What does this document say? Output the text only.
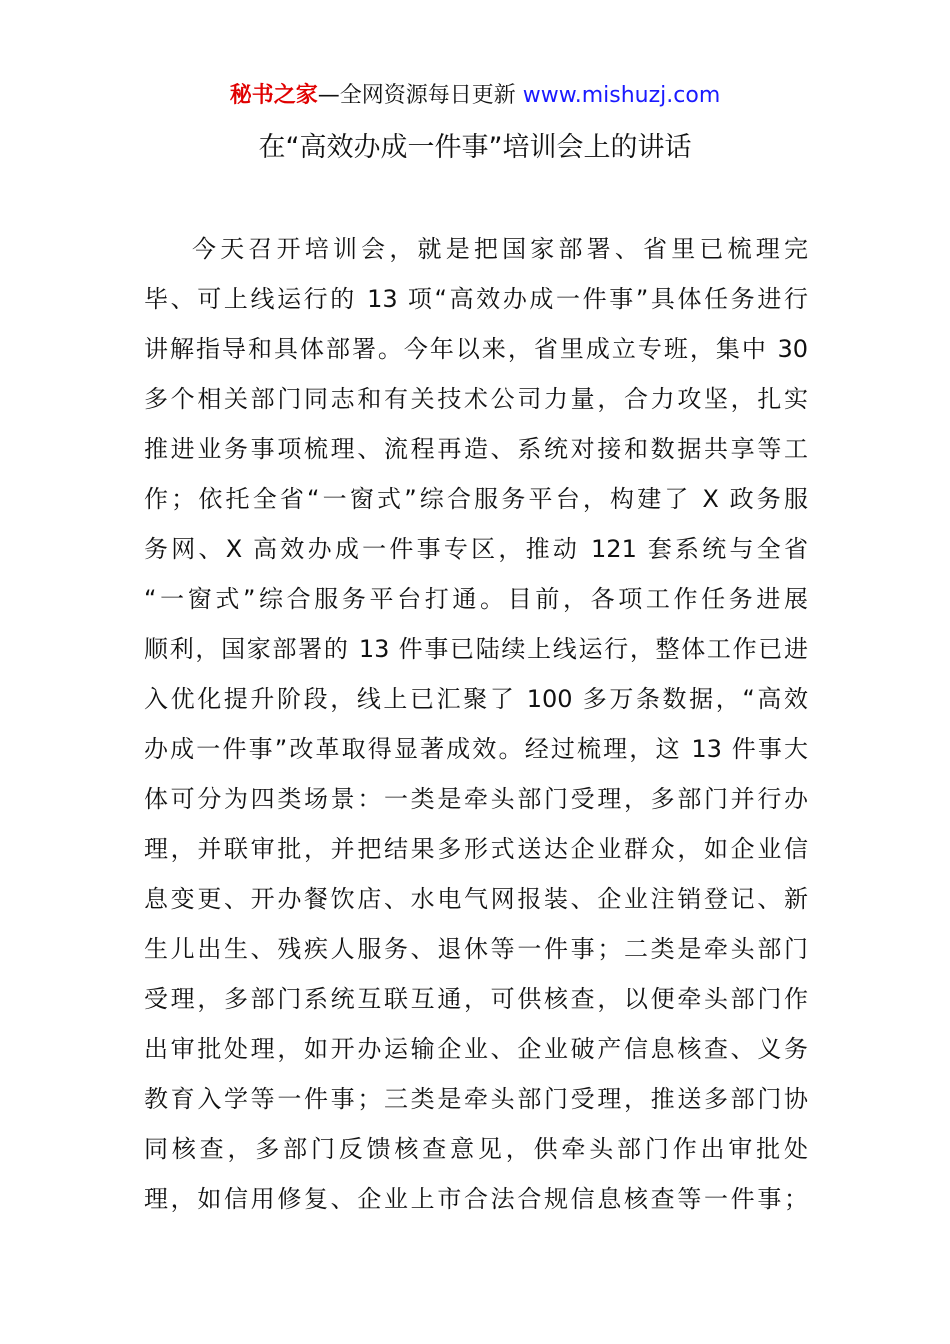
秘书之家—全网资源每日更新 www.mishuzj.com
在“高效办成一件事”培训会上的讲话
今天召开培训会，就是把国家部署、省里已梳理完
毕、可上线运行的 13 项“高效办成一件事”具体任务进行
讲解指导和具体部署。今年以来，省里成立专班，集中 30
多个相关部门同志和有关技术公司力量，合力攻坚，扎实
推进业务事项梳理、流程再造、系统对接和数据共享等工
作；依托全省“一窗式”综合服务平台，构建了 X 政务服
务网、X 高效办成一件事专区，推动 121 套系统与全省
“一窗式”综合服务平台打通。目前，各项工作任务进展
顺利，国家部署的 13 件事已陆续上线运行，整体工作已进
入优化提升阶段，线上已汇聚了 100 多万条数据，“高效
办成一件事”改革取得显著成效。经过梳理，这 13 件事大
体可分为四类场景：一类是牵头部门受理，多部门并行办
理，并联审批，并把结果多形式送达企业群众，如企业信
息变更、开办餐饮店、水电气网报装、企业注销登记、新
生儿出生、残疾人服务、退休等一件事；二类是牵头部门
受理，多部门系统互联互通，可供核查，以便牵头部门作
出审批处理，如开办运输企业、企业破产信息核查、义务
教育入学等一件事；三类是牵头部门受理，推送多部门协
同核查，多部门反馈核查意见，供牵头部门作出审批处
理，如信用修复、企业上市合法合规信息核查等一件事；
